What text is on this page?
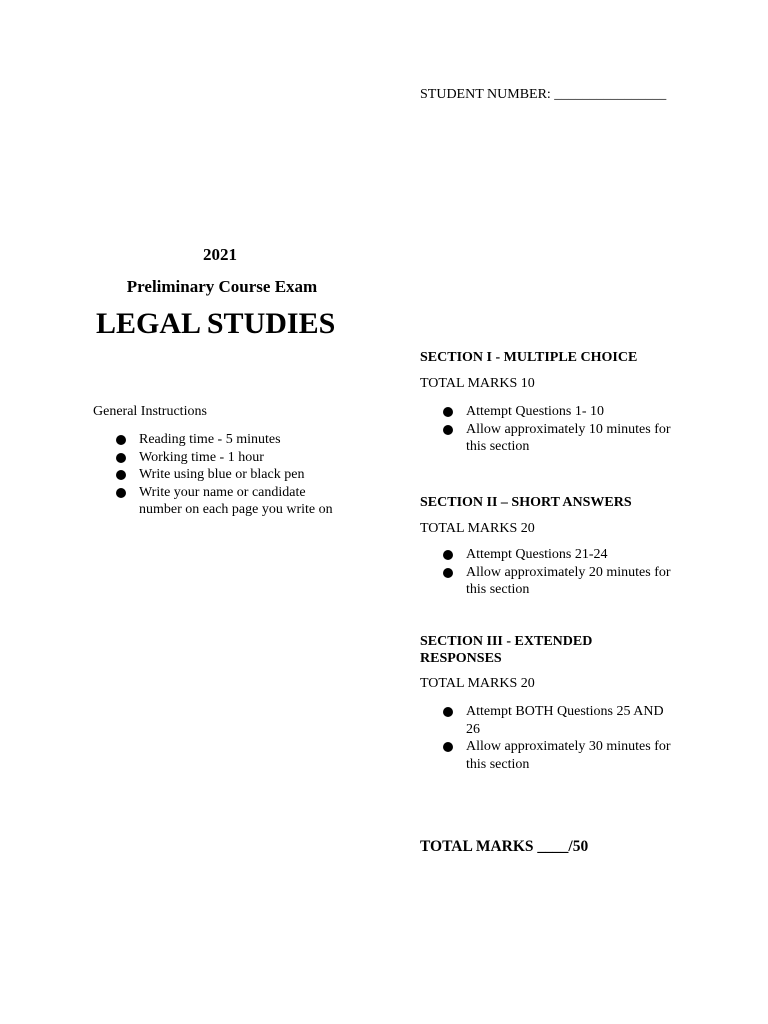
STUDENT NUMBER: ________________
2021
Preliminary Course Exam
LEGAL STUDIES
General Instructions
Reading time - 5 minutes
Working time - 1 hour
Write using blue or black pen
Write your name or candidate number on each page you write on
SECTION I - MULTIPLE CHOICE
TOTAL MARKS 10
Attempt Questions 1- 10
Allow approximately 10 minutes for this section
SECTION II – SHORT ANSWERS
TOTAL MARKS 20
Attempt Questions 21-24
Allow approximately 20 minutes for this section
SECTION III - EXTENDED RESPONSES
TOTAL MARKS 20
Attempt BOTH Questions 25 AND 26
Allow approximately 30 minutes for this section
TOTAL MARKS ____/50
